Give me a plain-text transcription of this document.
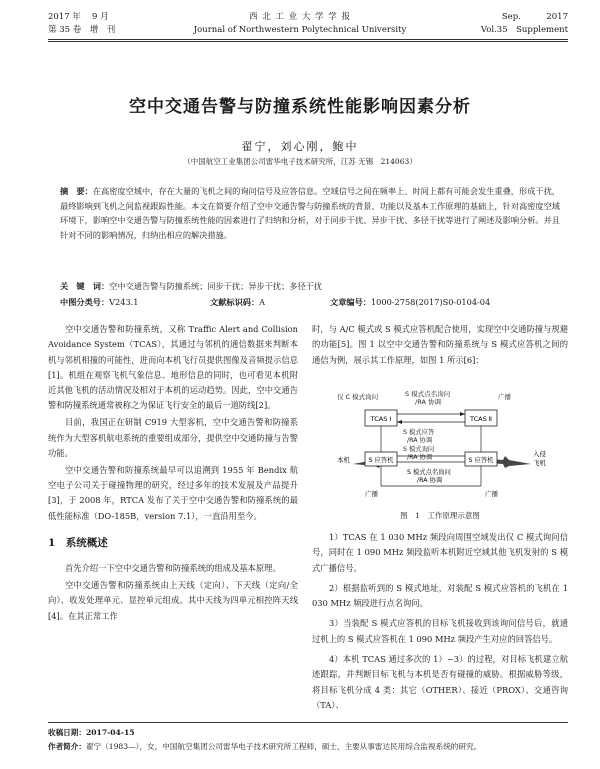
2017 年　 9 月
第 35 卷　增　刊
西 北 工 业 大 学 学 报
Journal of Northwestern Polytechnical University
Sep.　　　2017
Vol.35　Supplement
空中交通告警与防撞系统性能影响因素分析
翟宁，刘心刚，鲍中
（中国航空工业集团公司雷华电子技术研究所，江苏 无锡　214063）
摘　要：在高密度空域中，存在大量的飞机之间的询问信号及应答信息。空域信号之间在频率上、时间上都有可能会发生重叠，形成干扰，最终影响到飞机之间监视跟踪性能。本文在简要介绍了空中交通告警与防撞系统的背景、功能以及基本工作原理的基础上，针对高密度空域环境下，影响空中交通告警与防撞系统性能的因素进行了归纳和分析，对于同步干扰、异步干扰、多径干扰等进行了阐述及影响分析。并且针对不同的影响情况，归纳出相应的解决措施。
关　键　词：空中交通告警与防撞系统；同步干扰；异步干扰；多径干扰
中图分类号：V243.1	文献标识码：A	文章编号：1000-2758(2017)S0-0104-04

空中交通告警和防撞系统，又称 Traffic Alert and Collision Avoidance System（TCAS），其通过与邻机的通信数据来判断本机与邻机相撞的可能性，进而向本机飞行员提供图像及音频提示信息[1]。机组在观察飞机气象信息、地形信息的同时，也可看见本机附近其他飞机的活动情况及相对于本机的运动趋势。因此，空中交通告警和防撞系统通常被称之为保证飞行安全的最后一道防线[2]。

目前，我国正在研制 C919 大型客机，空中交通告警和防撞系统作为大型客机航电系统的重要组成部分，提供空中交通防撞与告警功能。

空中交通告警和防撞系统最早可以追溯到 1955 年 Bendix 航空电子公司关于碰撞物理的研究，经过多年的技术发展及产品提升[3]，于 2008 年，RTCA 发布了关于空中交通告警和防撞系统的最低性能标准（DO-185B，version 7.1），一直沿用至今。

1　系统概述

首先介绍一下空中交通告警和防撞系统的组成及基本原理。

空中交通告警和防撞系统由上天线（定向）、下天线（定向/全向）、收发处理单元、显控单元组成。其中天线为四单元相控阵天线[4]。在其正常工作

时，与 A/C 模式或 S 模式应答机配合使用，实现空中交通防撞与规避的功能[5]。图 1 以空中交通告警和防撞系统与 S 模式应答机之间的通信为例，展示其工作原理，如图 1 所示[6]：

仅 C 模式询问	S 模式点名询问
/RA 协调
广播
TCAS Ⅰ	TCAS Ⅱ
S 模式应答
/RA 协调
S 模式询问
/RA 协调
本机	S 应答机	S 应答机
入侵
飞机
S 模式点名询问
/RA 协调
广播	广播
图　1　工作原理示意图

1）TCAS 在 1 030 MHz 频段向周围空域发出仅 C 模式询问信号，同时在 1 090 MHz 频段监听本机附近空域其他飞机发射的 S 模式广播信号。

2）根据监听到的 S 模式地址，对装配 S 模式应答机的飞机在 1 030 MHz 频段进行点名询问。

3）当装配 S 模式应答机的目标飞机接收到该询问信号后，就通过机上的 S 模式应答机在 1 090 MHz 频段产生对应的回答信号。

4）本机 TCAS 通过多次的 1）~3）的过程，对目标飞机建立航迹跟踪，并判断目标飞机与本机是否有碰撞的威胁。根据威胁等级，将目标飞机分成 4 类：其它（OTHER）、接近（PROX）、交通咨询（TA）、

收稿日期：2017-04-15
作者简介：翟宁（1983—），女，中国航空集团公司雷华电子技术研究所工程师，硕士，主要从事雷达民用综合监视系统的研究。
